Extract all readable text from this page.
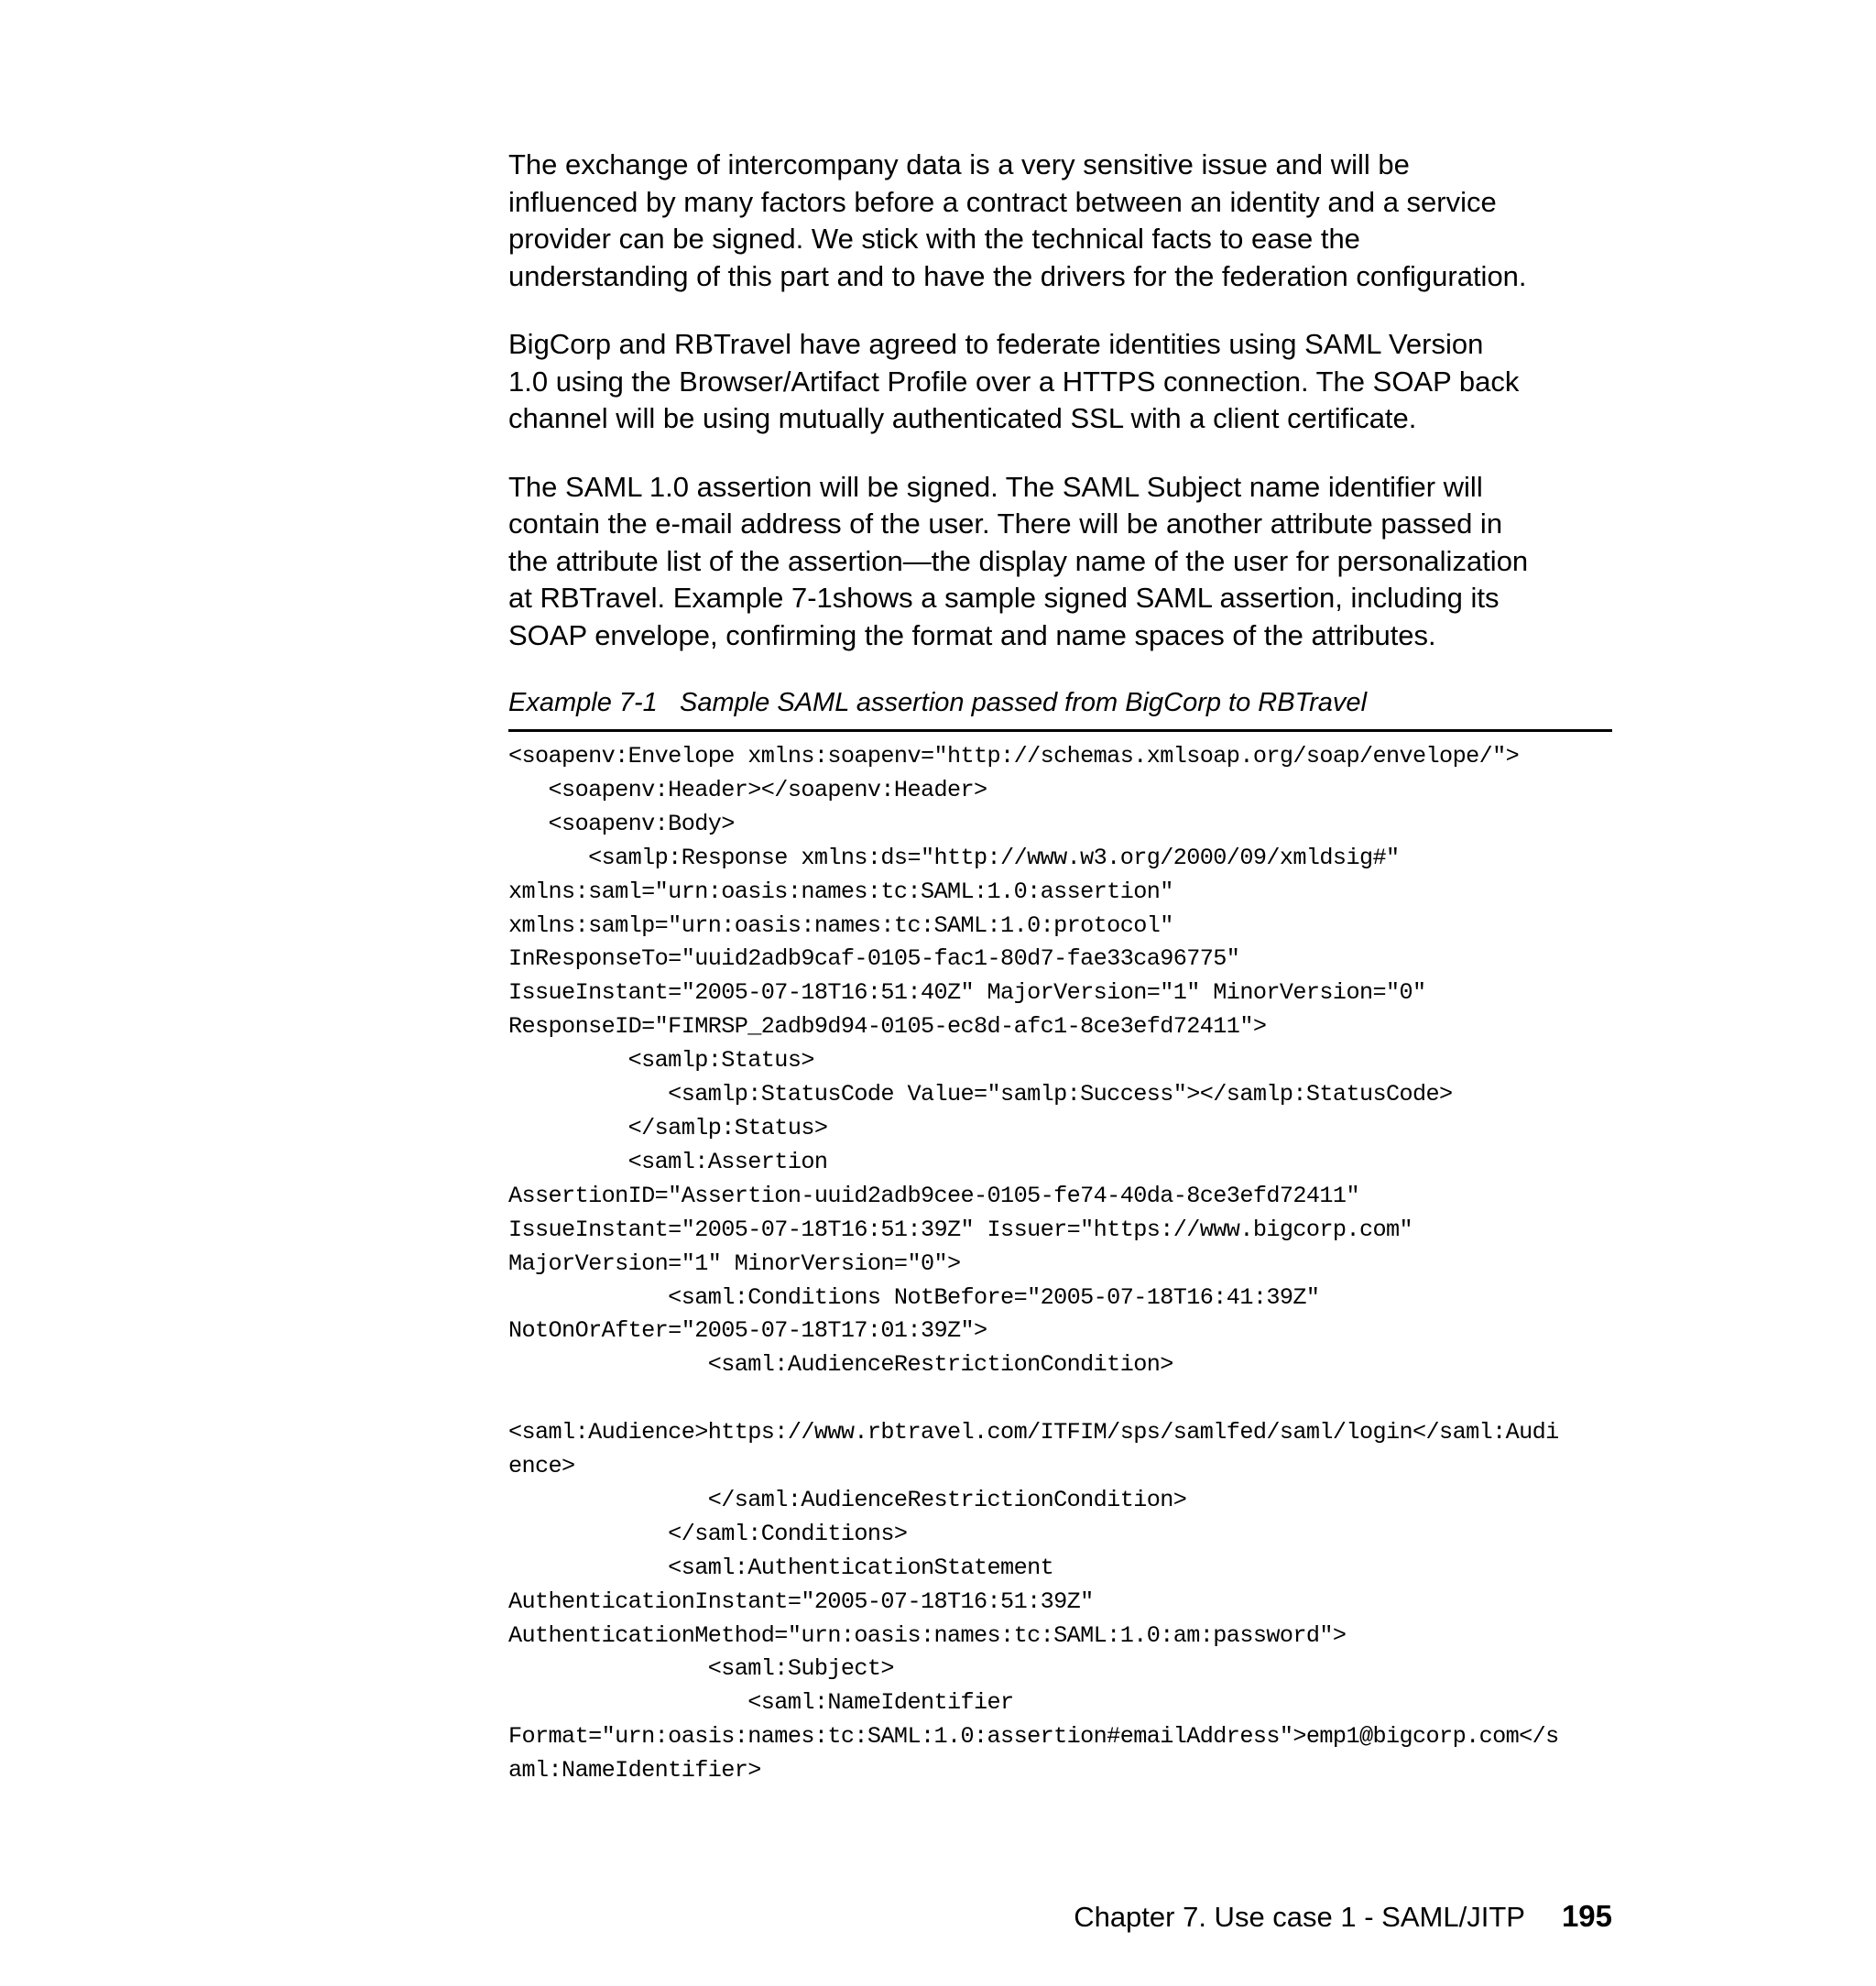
The exchange of intercompany data is a very sensitive issue and will be
influenced by many factors before a contract between an identity and a service
provider can be signed. We stick with the technical facts to ease the
understanding of this part and to have the drivers for the federation configuration.

BigCorp and RBTravel have agreed to federate identities using SAML Version
1.0 using the Browser/Artifact Profile over a HTTPS connection. The SOAP back
channel will be using mutually authenticated SSL with a client certificate.

The SAML 1.0 assertion will be signed. The SAML Subject name identifier will
contain the e-mail address of the user. There will be another attribute passed in
the attribute list of the assertion—the display name of the user for personalization
at RBTravel. Example 7-1shows a sample signed SAML assertion, including its
SOAP envelope, confirming the format and name spaces of the attributes.

Example 7-1 Sample SAML assertion passed from BigCorp to RBTravel
<soapenv:Envelope xmlns:soapenv="http://schemas.xmlsoap.org/soap/envelope/">
<soapenv:Header></soapenv:Header>
<soapenv:Body>
<samlp:Response xmlns:ds="http://www.w3.org/2000/09/xmldsig#"
xmlns:saml="urn:oasis:names:tc:SAML:1.0:assertion"
xmlns:samlp="urn:oasis:names:tc:SAML:1.0:protocol"
InResponseTo="uuid2adb9caf-0105-fac1-80d7-fae33ca96775"
IssueInstant="2005-07-18T16:51:40Z" MajorVersion="1" MinorVersion="0"
ResponseID="FIMRSP_2adb9d94-0105-ec8d-afc1-8ce3efd72411">
<samlp:Status>
<samlp:StatusCode Value="samlp:Success"></samlp:StatusCode>
</samlp:Status>
<saml:Assertion
AssertionID="Assertion-uuid2adb9cee-0105-fe74-40da-8ce3efd72411"
IssueInstant="2005-07-18T16:51:39Z" Issuer="https://www.bigcorp.com"
MajorVersion="1" MinorVersion="0">
<saml:Conditions NotBefore="2005-07-18T16:41:39Z"
NotOnOrAfter="2005-07-18T17:01:39Z">
<saml:AudienceRestrictionCondition>

<saml:Audience>https://www.rbtravel.com/ITFIM/sps/samlfed/saml/login</saml:Audi
ence>
</saml:AudienceRestrictionCondition>
</saml:Conditions>
<saml:AuthenticationStatement
AuthenticationInstant="2005-07-18T16:51:39Z"
AuthenticationMethod="urn:oasis:names:tc:SAML:1.0:am:password">
<saml:Subject>
<saml:NameIdentifier
Format="urn:oasis:names:tc:SAML:1.0:assertion#emailAddress">emp1@bigcorp.com</s
aml:NameIdentifier>
Chapter 7. Use case 1 - SAML/JITP 195
